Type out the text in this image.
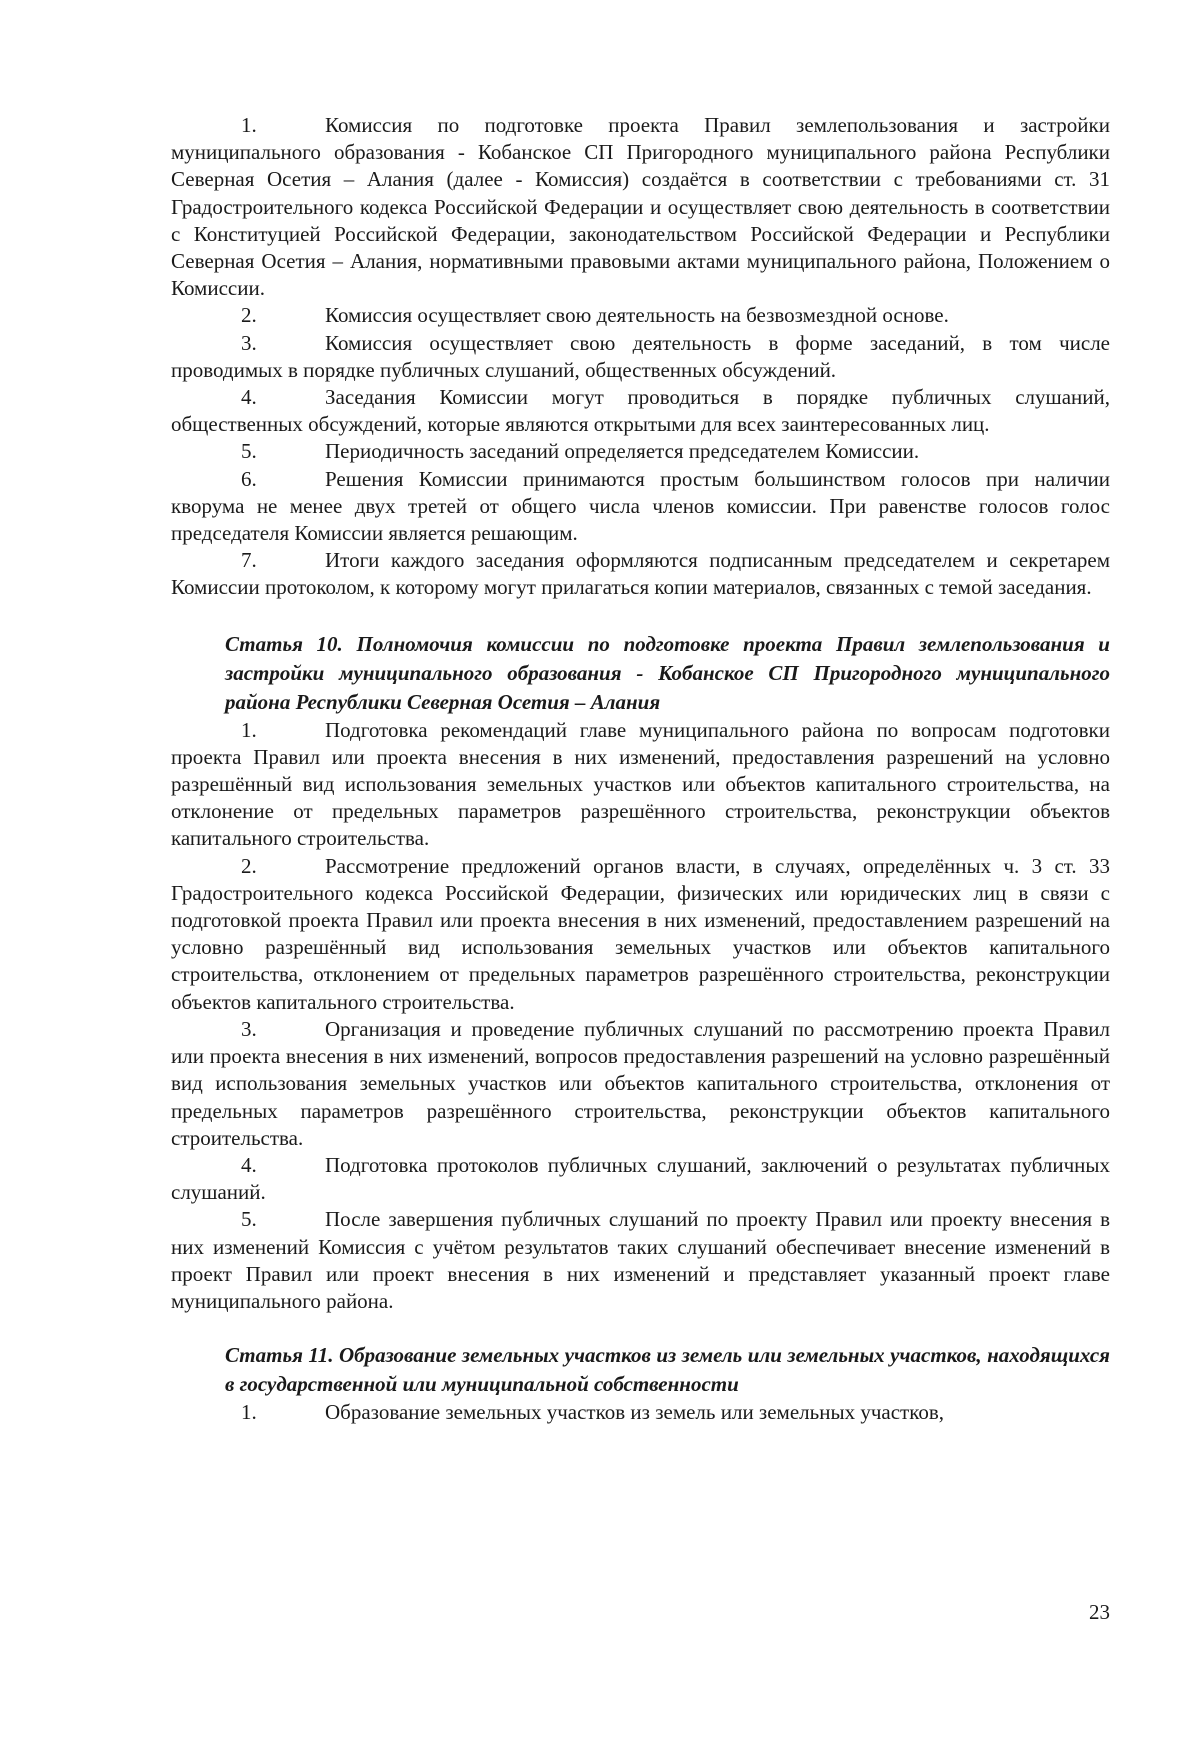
1.	Комиссия по подготовке проекта Правил землепользования и застройки муниципального образования - Кобанское СП Пригородного муниципального района Республики Северная Осетия – Алания (далее - Комиссия) создаётся в соответствии с требованиями ст. 31 Градостроительного кодекса Российской Федерации и осуществляет свою деятельность в соответствии с Конституцией Российской Федерации, законодательством Российской Федерации и Республики Северная Осетия – Алания, нормативными правовыми актами муниципального района, Положением о Комиссии.

2.	Комиссия осуществляет свою деятельность на безвозмездной основе.

3.	Комиссия осуществляет свою деятельность в форме заседаний, в том числе проводимых в порядке публичных слушаний, общественных обсуждений.

4.	Заседания Комиссии могут проводиться в порядке публичных слушаний, общественных обсуждений, которые являются открытыми для всех заинтересованных лиц.

5.	Периодичность заседаний определяется председателем Комиссии.

6.	Решения Комиссии принимаются простым большинством голосов при наличии кворума не менее двух третей от общего числа членов комиссии. При равенстве голосов голос председателя Комиссии является решающим.

7.	Итоги каждого заседания оформляются подписанным председателем и секретарем Комиссии протоколом, к которому могут прилагаться копии материалов, связанных с темой заседания.

Статья 10. Полномочия комиссии по подготовке проекта Правил землепользования и застройки муниципального образования - Кобанское СП Пригородного муниципального района Республики Северная Осетия – Алания

1.	Подготовка рекомендаций главе муниципального района по вопросам подготовки проекта Правил или проекта внесения в них изменений, предоставления разрешений на условно разрешённый вид использования земельных участков или объектов капитального строительства, на отклонение от предельных параметров разрешённого строительства, реконструкции объектов капитального строительства.

2.	Рассмотрение предложений органов власти, в случаях, определённых ч. 3 ст. 33 Градостроительного кодекса Российской Федерации, физических или юридических лиц в связи с подготовкой проекта Правил или проекта внесения в них изменений, предоставлением разрешений на условно разрешённый вид использования земельных участков или объектов капитального строительства, отклонением от предельных параметров разрешённого строительства, реконструкции объектов капитального строительства.

3.	Организация и проведение публичных слушаний по рассмотрению проекта Правил или проекта внесения в них изменений, вопросов предоставления разрешений на условно разрешённый вид использования земельных участков или объектов капитального строительства, отклонения от предельных параметров разрешённого строительства, реконструкции объектов капитального строительства.

4.	Подготовка протоколов публичных слушаний, заключений о результатах публичных слушаний.

5.	После завершения публичных слушаний по проекту Правил или проекту внесения в них изменений Комиссия с учётом результатов таких слушаний обеспечивает внесение изменений в проект Правил или проект внесения в них изменений и представляет указанный проект главе муниципального района.

Статья 11. Образование земельных участков из земель или земельных участков, находящихся в государственной или муниципальной собственности

1.	Образование земельных участков из земель или земельных участков,

23
